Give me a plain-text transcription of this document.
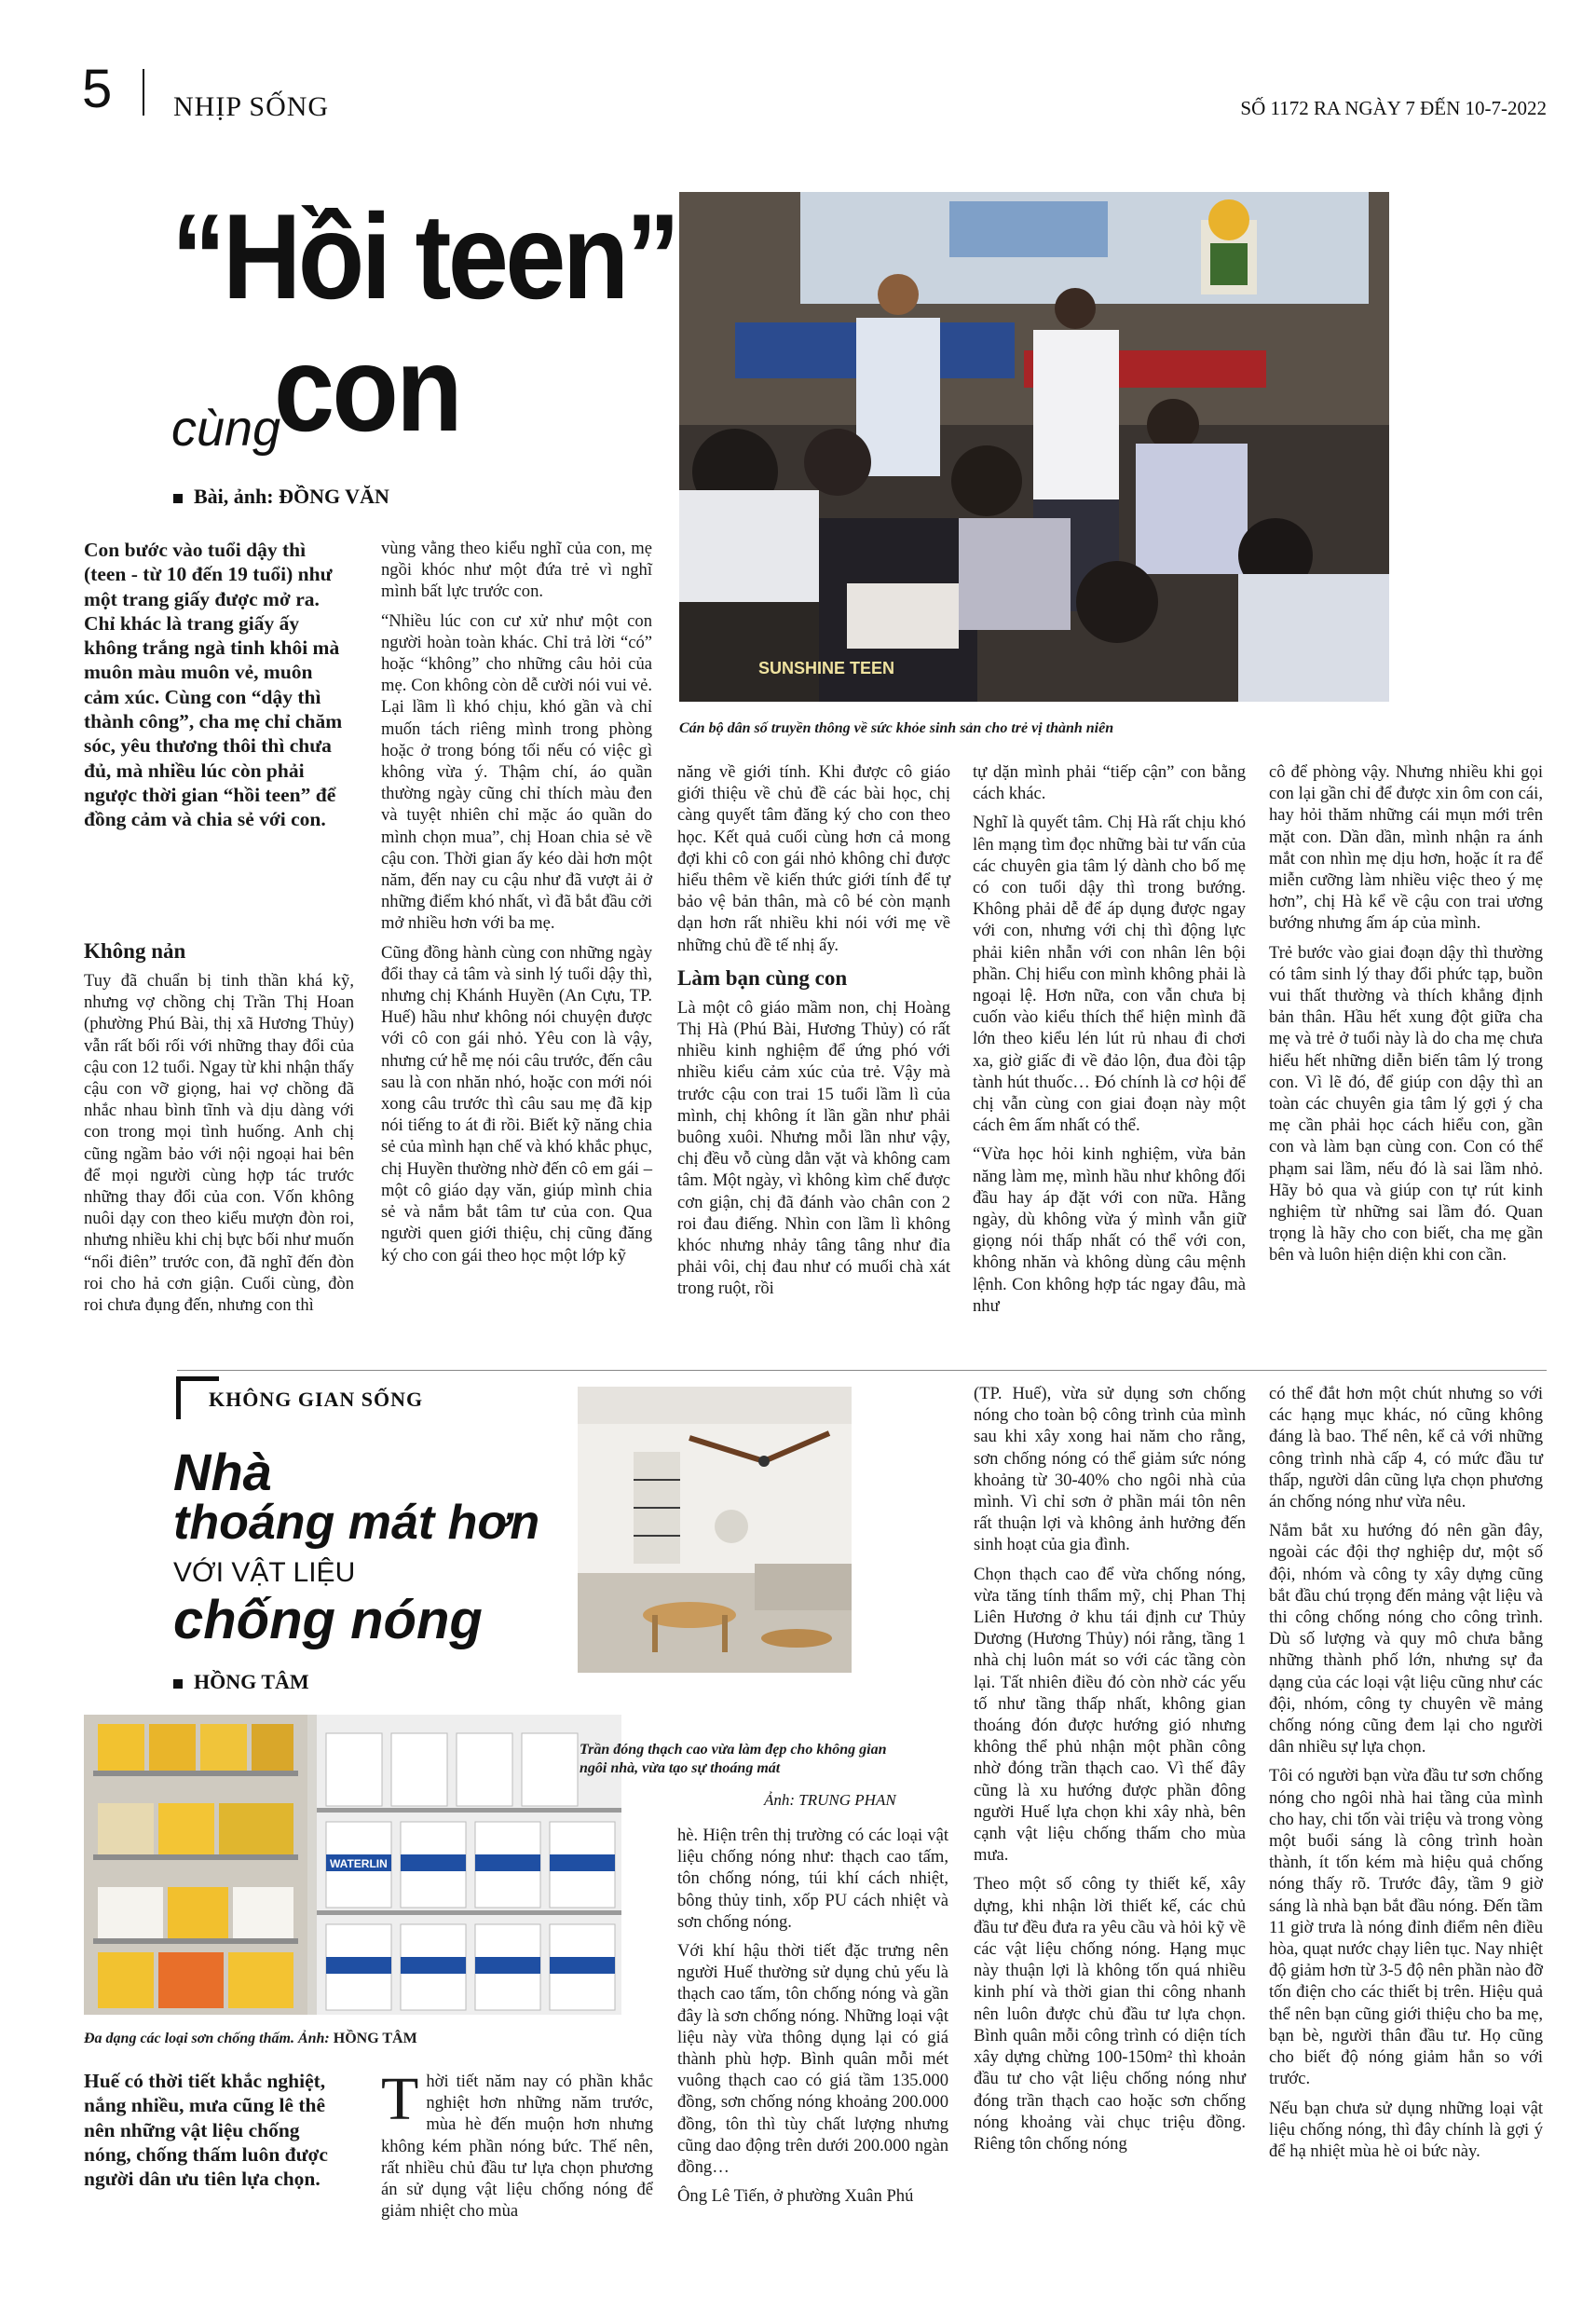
5 NHỊP SỐNG	SỐ 1172 RA NGÀY 7 ĐẾN 10-7-2022
“Hồi teen”
cùng
con
Bài, ảnh: ĐỒNG VĂN
SUNSHINE TEEN
Cán bộ dân số truyền thông về sức khỏe sinh sản cho trẻ vị thành niên

Con bước vào tuổi dậy thì (teen - từ 10 đến 19 tuổi) như một trang giấy được mở ra. Chỉ khác là trang giấy ấy không trắng ngà tinh khôi mà muôn màu muôn vẻ, muôn cảm xúc. Cùng con “dậy thì thành công”, cha mẹ chỉ chăm sóc, yêu thương thôi thì chưa đủ, mà nhiều lúc còn phải ngược thời gian “hồi teen” để đồng cảm và chia sẻ với con.

Không nản

Tuy đã chuẩn bị tinh thần khá kỹ, nhưng vợ chồng chị Trần Thị Hoan (phường Phú Bài, thị xã Hương Thủy) vẫn rất bối rối với những thay đổi của cậu con 12 tuổi. Ngay từ khi nhận thấy cậu con vỡ giọng, hai vợ chồng đã nhắc nhau bình tĩnh và dịu dàng với con trong mọi tình huống. Anh chị cũng ngầm bảo với nội ngoại hai bên để mọi người cùng hợp tác trước những thay đổi của con. Vốn không nuôi dạy con theo kiểu mượn đòn roi, nhưng nhiều khi chị bực bối như muốn “nổi điên” trước con, đã nghĩ đến đòn roi cho hả cơn giận. Cuối cùng, đòn roi chưa đụng đến, nhưng con thì

vùng vằng theo kiểu nghĩ của con, mẹ ngồi khóc như một đứa trẻ vì nghĩ mình bất lực trước con.

“Nhiều lúc con cư xử như một con người hoàn toàn khác. Chỉ trả lời “có” hoặc “không” cho những câu hỏi của mẹ. Con không còn dễ cười nói vui vẻ. Lại lầm lì khó chịu, khó gần và chỉ muốn tách riêng mình trong phòng hoặc ở trong bóng tối nếu có việc gì không vừa ý. Thậm chí, áo quần thường ngày cũng chỉ thích màu đen và tuyệt nhiên chỉ mặc áo quần do mình chọn mua”, chị Hoan chia sẻ về cậu con. Thời gian ấy kéo dài hơn một năm, đến nay cu cậu như đã vượt ải ở những điểm khó nhất, vì đã bắt đầu cởi mở nhiều hơn với ba mẹ.

Cũng đồng hành cùng con những ngày đổi thay cả tâm và sinh lý tuổi dậy thì, nhưng chị Khánh Huyền (An Cựu, TP. Huế) hầu như không nói chuyện được với cô con gái nhỏ. Yêu con là vậy, nhưng cứ hễ mẹ nói câu trước, đến câu sau là con nhăn nhó, hoặc con mới nói xong câu trước thì câu sau mẹ đã kịp nói tiếng to át đi rồi. Biết kỹ năng chia sẻ của mình hạn chế và khó khắc phục, chị Huyền thường nhờ đến cô em gái – một cô giáo dạy văn, giúp mình chia sẻ và nắm bắt tâm tư của con. Qua người quen giới thiệu, chị cũng đăng ký cho con gái theo học một lớp kỹ

năng về giới tính. Khi được cô giáo giới thiệu về chủ đề các bài học, chị càng quyết tâm đăng ký cho con theo học. Kết quả cuối cùng hơn cả mong đợi khi cô con gái nhỏ không chỉ được hiểu thêm về kiến thức giới tính để tự bảo vệ bản thân, mà cô bé còn mạnh dạn hơn rất nhiều khi nói với mẹ về những chủ đề tế nhị ấy.

Làm bạn cùng con

Là một cô giáo mầm non, chị Hoàng Thị Hà (Phú Bài, Hương Thủy) có rất nhiều kinh nghiệm để ứng phó với nhiều kiểu cảm xúc của trẻ. Vậy mà trước cậu con trai 15 tuổi lầm lì của mình, chị không ít lần gần như phải buông xuôi. Nhưng mỗi lần như vậy, chị đều vỗ cùng dằn vặt và không cam tâm. Một ngày, vì không kìm chế được cơn giận, chị đã đánh vào chân con 2 roi đau điếng. Nhìn con lầm lì không khóc nhưng nhảy tâng tâng như đỉa phải vôi, chị đau như có muối chà xát trong ruột, rồi

tự dặn mình phải “tiếp cận” con bằng cách khác.

Nghĩ là quyết tâm. Chị Hà rất chịu khó lên mạng tìm đọc những bài tư vấn của các chuyên gia tâm lý dành cho bố mẹ có con tuổi dậy thì trong bướng. Không phải dễ để áp dụng được ngay với con, nhưng với chị thì động lực phải kiên nhẫn với con nhân lên bội phần. Chị hiểu con mình không phải là ngoại lệ. Hơn nữa, con vẫn chưa bị cuốn vào kiểu thích thể hiện mình đã lớn theo kiểu lén lút rủ nhau đi chơi xa, giờ giấc đi về đảo lộn, đua đòi tập tành hút thuốc… Đó chính là cơ hội để chị vẫn cùng con giai đoạn này một cách êm ấm nhất có thể.

“Vừa học hỏi kinh nghiệm, vừa bản năng làm mẹ, mình hầu như không đối đầu hay áp đặt với con nữa. Hằng ngày, dù không vừa ý mình vẫn giữ giọng nói thấp nhất có thể với con, không nhăn và không dùng câu mệnh lệnh. Con không hợp tác ngay đâu, mà như

cô để phòng vậy. Nhưng nhiều khi gọi con lại gần chỉ để được xin ôm con cái, hay hỏi thăm những cái mụn mới trên mặt con. Dần dần, mình nhận ra ánh mắt con nhìn mẹ dịu hơn, hoặc ít ra để miễn cưỡng làm nhiều việc theo ý mẹ hơn”, chị Hà kể về cậu con trai ương bướng nhưng ấm áp của mình.

Trẻ bước vào giai đoạn dậy thì thường có tâm sinh lý thay đổi phức tạp, buồn vui thất thường và thích khẳng định bản thân. Hầu hết xung đột giữa cha mẹ và trẻ ở tuổi này là do cha mẹ chưa hiểu hết những diễn biến tâm lý trong con. Vì lẽ đó, để giúp con dậy thì an toàn các chuyên gia tâm lý gợi ý cha mẹ cần phải học cách hiểu con, gần con và làm bạn cùng con. Con có thể phạm sai lầm, nếu đó là sai lầm nhỏ. Hãy bỏ qua và giúp con tự rút kinh nghiệm từ những sai lầm đó. Quan trọng là hãy cho con biết, cha mẹ gần bên và luôn hiện diện khi con cần.

KHÔNG GIAN SỐNG
Nhà
thoáng mát hơn
VỚI VẬT LIỆU
chống nóng
HỒNG TÂM
WATERLIN
Đa dạng các loại sơn chống thấm. Ảnh: HỒNG TÂM
Trần đóng thạch cao vừa làm đẹp cho không gian ngôi nhà, vừa tạo sự thoáng mát
Ảnh: TRUNG PHAN

Huế có thời tiết khắc nghiệt, nắng nhiều, mưa cũng lê thê nên những vật liệu chống nóng, chống thấm luôn được người dân ưu tiên lựa chọn.

T hời tiết năm nay có phần khắc nghiệt hơn những năm trước, mùa hè đến muộn hơn nhưng không kém phần nóng bức. Thế nên, rất nhiều chủ đầu tư lựa chọn phương án sử dụng vật liệu chống nóng để giảm nhiệt cho mùa

hè. Hiện trên thị trường có các loại vật liệu chống nóng như: thạch cao tấm, tôn chống nóng, túi khí cách nhiệt, bông thủy tinh, xốp PU cách nhiệt và sơn chống nóng.

Với khí hậu thời tiết đặc trưng nên người Huế thường sử dụng chủ yếu là thạch cao tấm, tôn chống nóng và gần đây là sơn chống nóng. Những loại vật liệu này vừa thông dụng lại có giá thành phù hợp. Bình quân mỗi mét vuông thạch cao có giá tầm 135.000 đồng, sơn chống nóng khoảng 200.000 đồng, tôn thì tùy chất lượng nhưng cũng dao động trên dưới 200.000 ngàn đồng…

Ông Lê Tiến, ở phường Xuân Phú

(TP. Huế), vừa sử dụng sơn chống nóng cho toàn bộ công trình của mình sau khi xây xong hai năm cho rằng, sơn chống nóng có thể giảm sức nóng khoảng từ 30-40% cho ngôi nhà của mình. Vì chỉ sơn ở phần mái tôn nên rất thuận lợi và không ảnh hưởng đến sinh hoạt của gia đình.

Chọn thạch cao để vừa chống nóng, vừa tăng tính thẩm mỹ, chị Phan Thị Liên Hương ở khu tái định cư Thủy Dương (Hương Thủy) nói rằng, tầng 1 nhà chị luôn mát so với các tầng còn lại. Tất nhiên điều đó còn nhờ các yếu tố như tầng thấp nhất, không gian thoáng đón được hướng gió nhưng không thể phủ nhận một phần công nhờ đóng trần thạch cao. Vì thế đây cũng là xu hướng được phần đông người Huế lựa chọn khi xây nhà, bên cạnh vật liệu chống thấm cho mùa mưa.

Theo một số công ty thiết kế, xây dựng, khi nhận lời thiết kế, các chủ đầu tư đều đưa ra yêu cầu và hỏi kỹ về các vật liệu chống nóng. Hạng mục này thuận lợi là không tốn quá nhiều kinh phí và thời gian thi công nhanh nên luôn được chủ đầu tư lựa chọn. Bình quân mỗi công trình có diện tích xây dựng chừng 100-150m² thì khoản đầu tư cho vật liệu chống nóng như đóng trần thạch cao hoặc sơn chống nóng khoảng vài chục triệu đồng. Riêng tôn chống nóng

có thể đắt hơn một chút nhưng so với các hạng mục khác, nó cũng không đáng là bao. Thế nên, kể cả với những công trình nhà cấp 4, có mức đầu tư thấp, người dân cũng lựa chọn phương án chống nóng như vừa nêu.

Nắm bắt xu hướng đó nên gần đây, ngoài các đội thợ nghiệp dư, một số đội, nhóm và công ty xây dựng cũng bắt đầu chú trọng đến mảng vật liệu và thi công chống nóng cho công trình. Dù số lượng và quy mô chưa bằng những thành phố lớn, nhưng sự đa dạng của các loại vật liệu cũng như các đội, nhóm, công ty chuyên về mảng chống nóng cũng đem lại cho người dân nhiều sự lựa chọn.

Tôi có người bạn vừa đầu tư sơn chống nóng cho ngôi nhà hai tầng của mình cho hay, chi tốn vài triệu và trong vòng một buổi sáng là công trình hoàn thành, ít tốn kém mà hiệu quả chống nóng thấy rõ. Trước đây, tầm 9 giờ sáng là nhà bạn bắt đầu nóng. Đến tầm 11 giờ trưa là nóng đỉnh điểm nên điều hòa, quạt nước chạy liên tục. Nay nhiệt độ giảm hơn từ 3-5 độ nên phần nào đỡ tốn điện cho các thiết bị trên. Hiệu quả thể nên bạn cũng giới thiệu cho ba mẹ, bạn bè, người thân đầu tư. Họ cũng cho biết độ nóng giảm hẳn so với trước.

Nếu bạn chưa sử dụng những loại vật liệu chống nóng, thì đây chính là gợi ý để hạ nhiệt mùa hè oi bức này.
